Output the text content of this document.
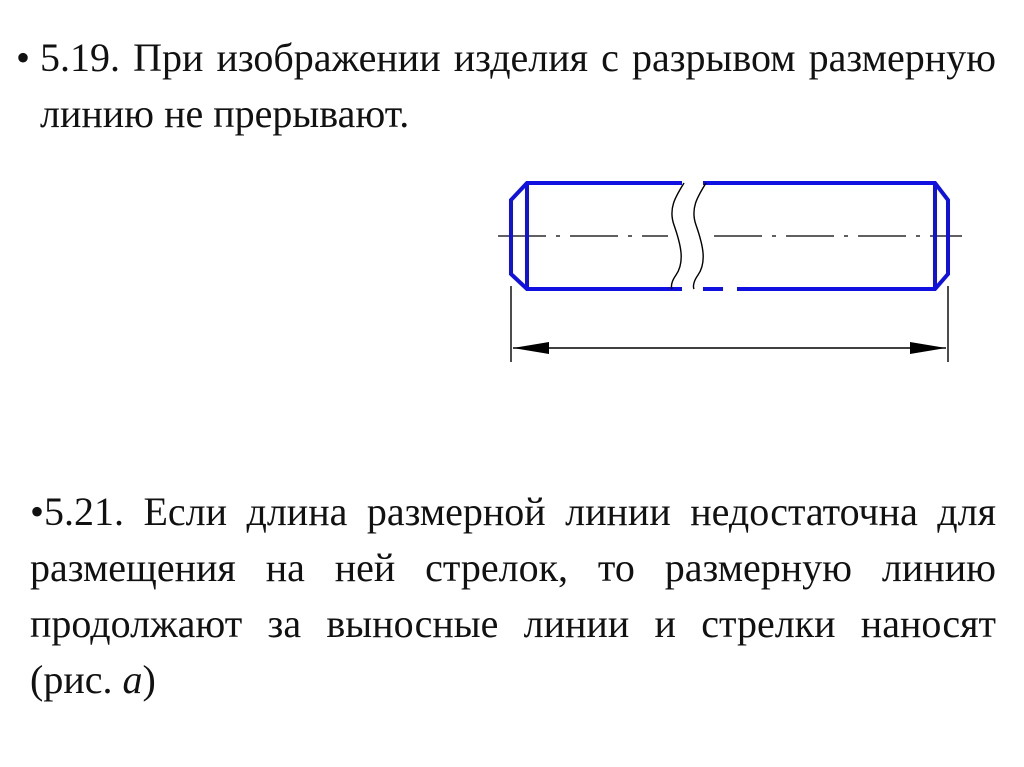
• 5.19. При изображении изделия с разрывом размерную линию не прерывают.
•5.21. Если длина размерной линии недостаточна для размещения на ней стрелок, то размерную линию продолжают за выносные линии и стрелки наносят (рис. а)
